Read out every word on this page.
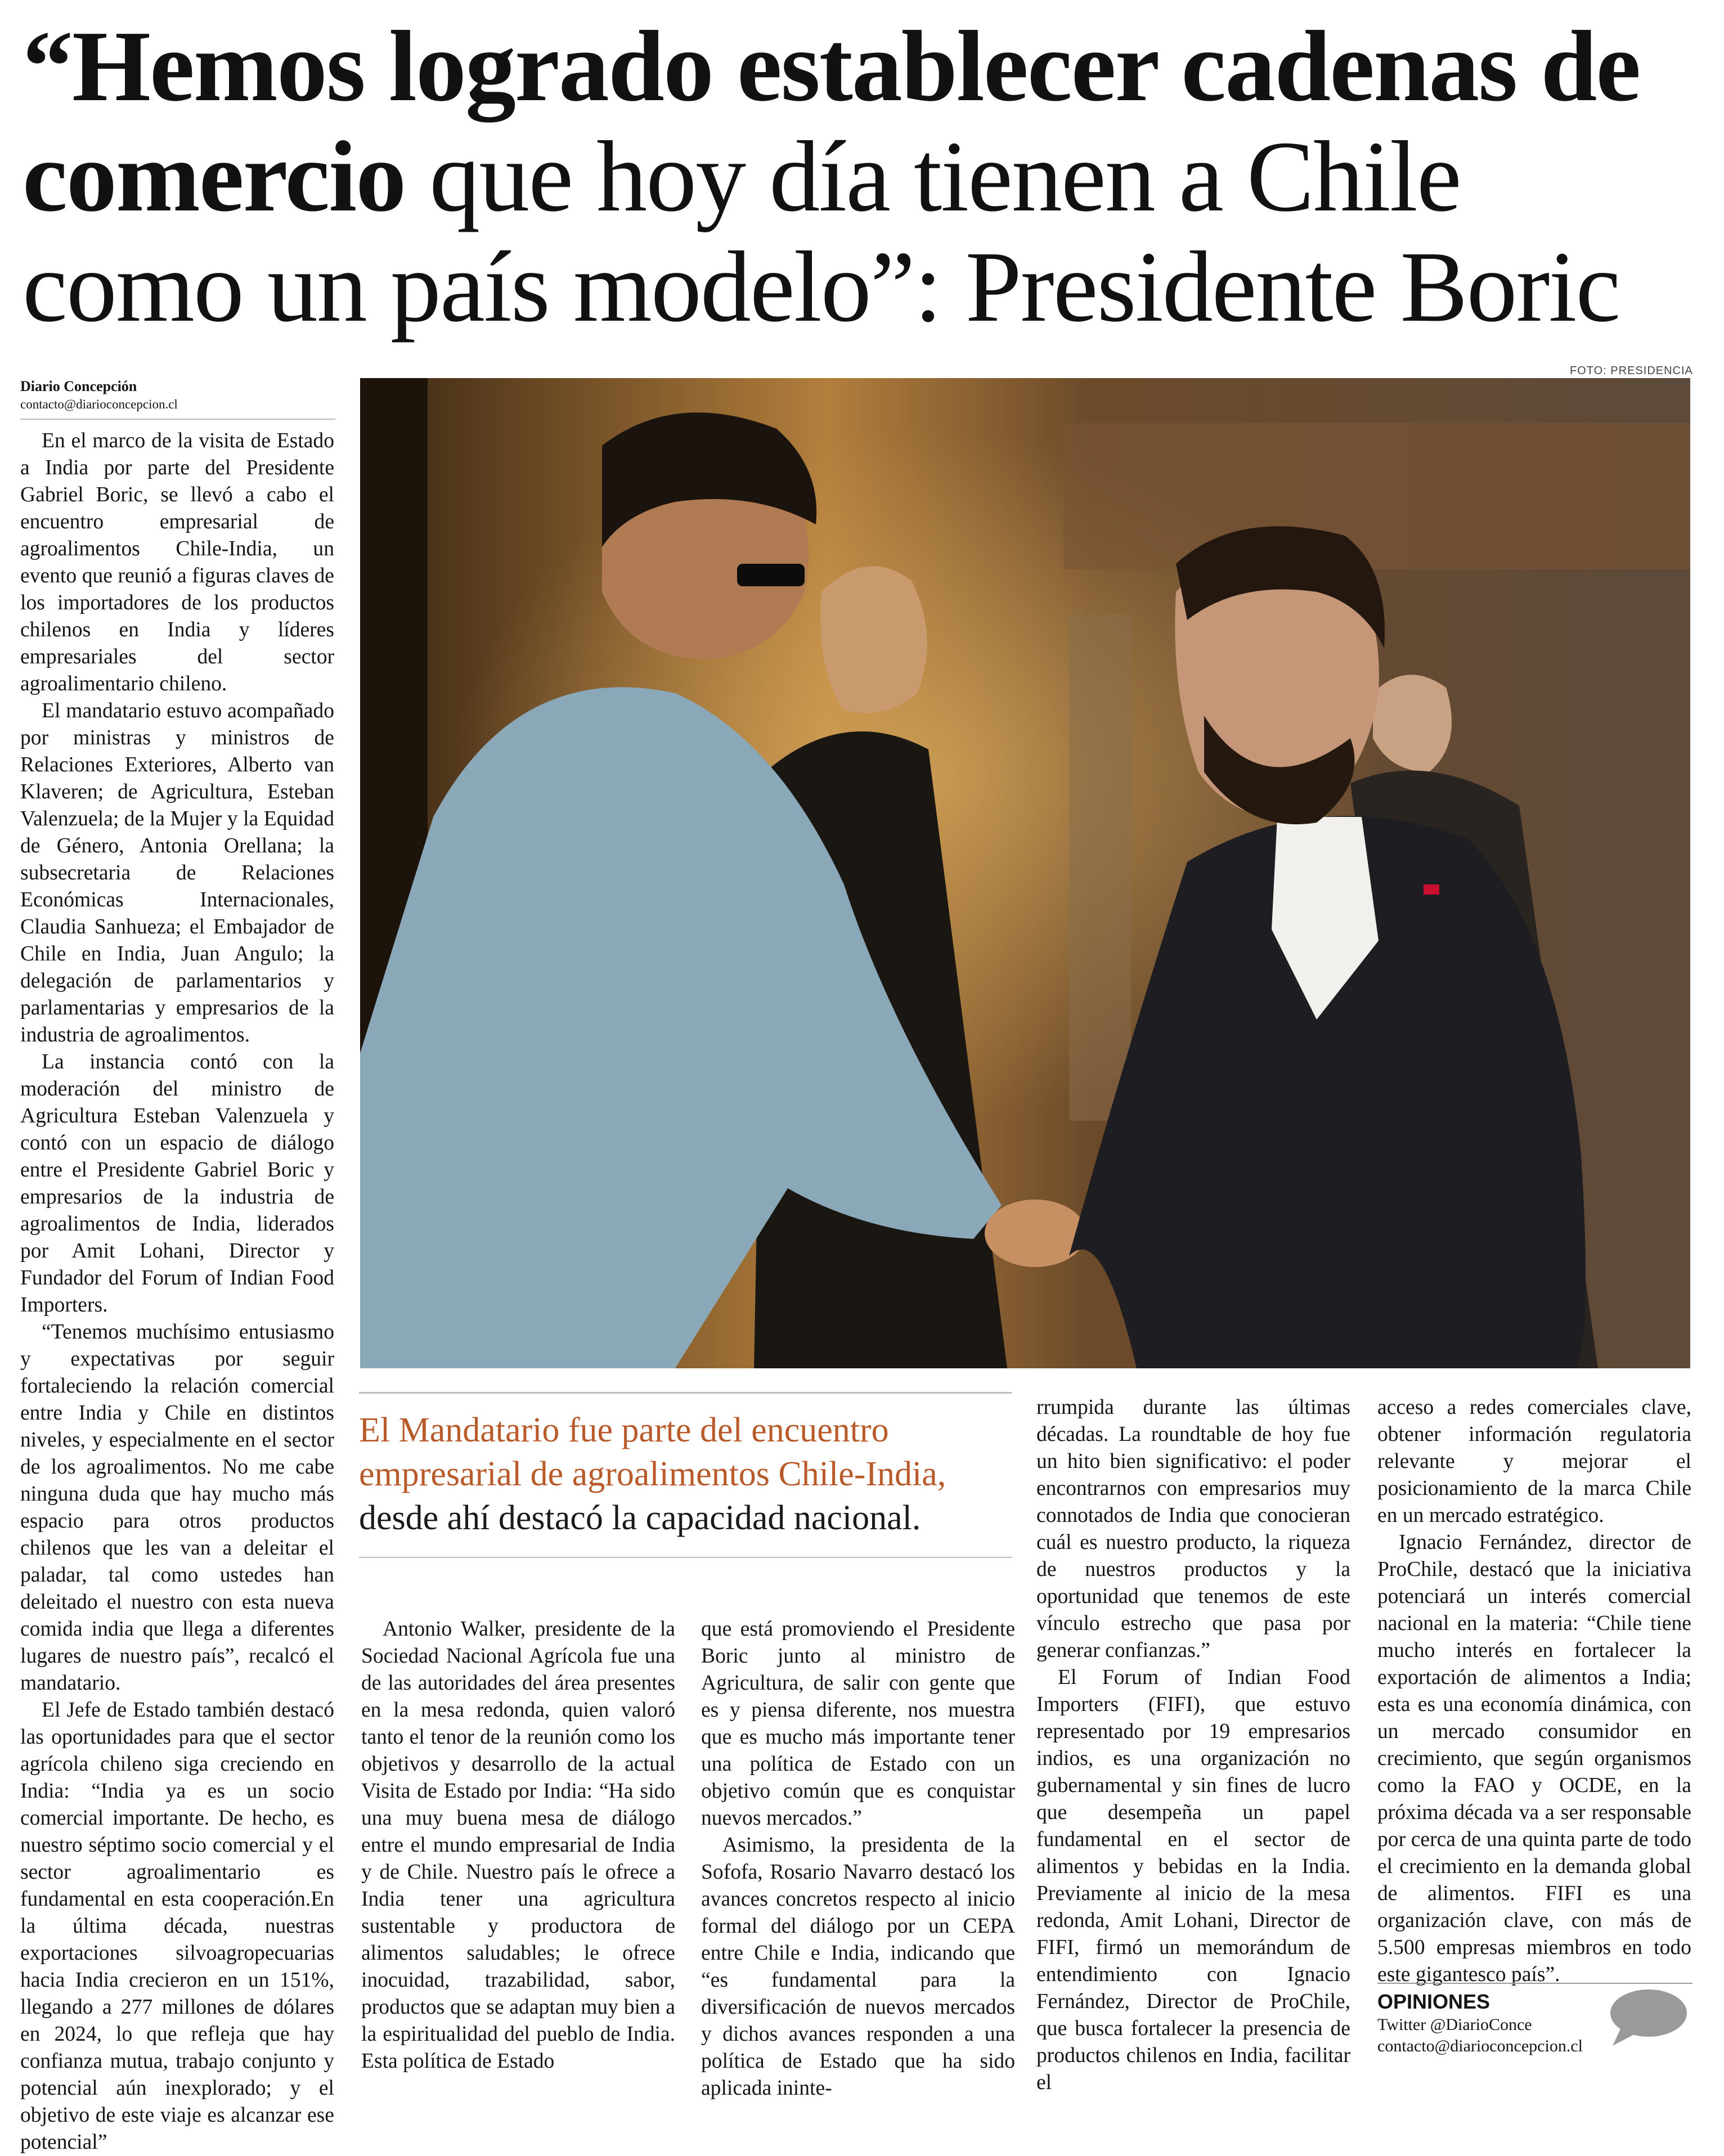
“Hemos logrado establecer cadenas de comercio que hoy día tienen a Chile como un país modelo”: Presidente Boric
Diario Concepción
contacto@diarioconcepcion.cl
FOTO: PRESIDENCIA

En el marco de la visita de Estado a India por parte del Presidente Gabriel Boric, se llevó a cabo el encuentro empresarial de agroalimentos Chile-India, un evento que reunió a figuras claves de los importadores de los productos chilenos en India y líderes empresariales del sector agroalimentario chileno.

El mandatario estuvo acompañado por ministras y ministros de Relaciones Exteriores, Alberto van Klaveren; de Agricultura, Esteban Valenzuela; de la Mujer y la Equidad de Género, Antonia Orellana; la subsecretaria de Relaciones Económicas Internacionales, Claudia Sanhueza; el Embajador de Chile en India, Juan Angulo; la delegación de parlamentarios y parlamentarias y empresarios de la industria de agroalimentos.

La instancia contó con la moderación del ministro de Agricultura Esteban Valenzuela y contó con un espacio de diálogo entre el Presidente Gabriel Boric y empresarios de la industria de agroalimentos de India, liderados por Amit Lohani, Director y Fundador del Forum of Indian Food Importers.

“Tenemos muchísimo entusiasmo y expectativas por seguir fortaleciendo la relación comercial entre India y Chile en distintos niveles, y especialmente en el sector de los agroalimentos. No me cabe ninguna duda que hay mucho más espacio para otros productos chilenos que les van a deleitar el paladar, tal como ustedes han deleitado el nuestro con esta nueva comida india que llega a diferentes lugares de nuestro país”, recalcó el mandatario.

El Jefe de Estado también destacó las oportunidades para que el sector agrícola chileno siga creciendo en India: “India ya es un socio comercial importante. De hecho, es nuestro séptimo socio comercial y el sector agroalimentario es fundamental en esta cooperación.En la última década, nuestras exportaciones silvoagropecuarias hacia India crecieron en un 151%, llegando a 277 millones de dólares en 2024, lo que refleja que hay confianza mutua, trabajo conjunto y potencial aún inexplorado; y el objetivo de este viaje es alcanzar ese potencial”

El Mandatario fue parte del encuentro empresarial de agroalimentos Chile-India,
desde ahí destacó la capacidad nacional.

Antonio Walker, presidente de la Sociedad Nacional Agrícola fue una de las autoridades del área presentes en la mesa redonda, quien valoró tanto el tenor de la reunión como los objetivos y desarrollo de la actual Visita de Estado por India: “Ha sido una muy buena mesa de diálogo entre el mundo empresarial de India y de Chile. Nuestro país le ofrece a India tener una agricultura sustentable y productora de alimentos saludables; le ofrece inocuidad, trazabilidad, sabor, productos que se adaptan muy bien a la espiritualidad del pueblo de India. Esta política de Estado

que está promoviendo el Presidente Boric junto al ministro de Agricultura, de salir con gente que es y piensa diferente, nos muestra que es mucho más importante tener una política de Estado con un objetivo común que es conquistar nuevos mercados.”

Asimismo, la presidenta de la Sofofa, Rosario Navarro destacó los avances concretos respecto al inicio formal del diálogo por un CEPA entre Chile e India, indicando que “es fundamental para la diversificación de nuevos mercados y dichos avances responden a una política de Estado que ha sido aplicada ininte-

rrumpida durante las últimas décadas. La roundtable de hoy fue un hito bien significativo: el poder encontrarnos con empresarios muy connotados de India que conocieran cuál es nuestro producto, la riqueza de nuestros productos y la oportunidad que tenemos de este vínculo estrecho que pasa por generar confianzas.”

El Forum of Indian Food Importers (FIFI), que estuvo representado por 19 empresarios indios, es una organización no gubernamental y sin fines de lucro que desempeña un papel fundamental en el sector de alimentos y bebidas en la India. Previamente al inicio de la mesa redonda, Amit Lohani, Director de FIFI, firmó un memorándum de entendimiento con Ignacio Fernández, Director de ProChile, que busca fortalecer la presencia de productos chilenos en India, facilitar el

acceso a redes comerciales clave, obtener información regulatoria relevante y mejorar el posicionamiento de la marca Chile en un mercado estratégico.

Ignacio Fernández, director de ProChile, destacó que la iniciativa potenciará un interés comercial nacional en la materia: “Chile tiene mucho interés en fortalecer la exportación de alimentos a India; esta es una economía dinámica, con un mercado consumidor en crecimiento, que según organismos como la FAO y OCDE, en la próxima década va a ser responsable por cerca de una quinta parte de todo el crecimiento en la demanda global de alimentos. FIFI es una organización clave, con más de 5.500 empresas miembros en todo este gigantesco país”.

OPINIONES
Twitter @DiarioConce
contacto@diarioconcepcion.cl
